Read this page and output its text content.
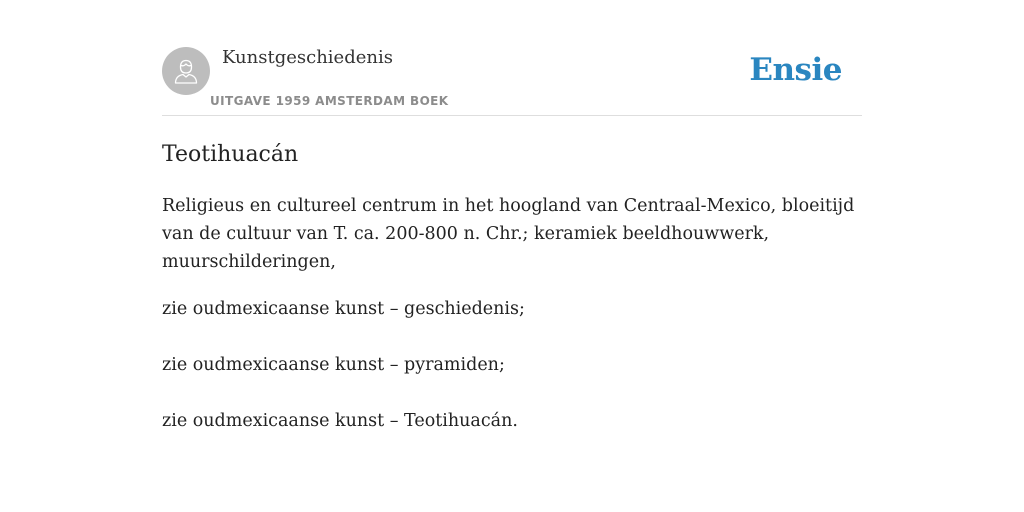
Kunstgeschiedenis
UITGAVE 1959 AMSTERDAM BOEK
Ensie
Teotihuacán

Religieus en cultureel centrum in het hoogland van Centraal-Mexico, bloeitijd van de cultuur van T. ca. 200-800 n. Chr.; keramiek beeldhouwwerk, muurschilderingen,

zie oudmexicaanse kunst – geschiedenis;

zie oudmexicaanse kunst – pyramiden;

zie oudmexicaanse kunst – Teotihuacán.
